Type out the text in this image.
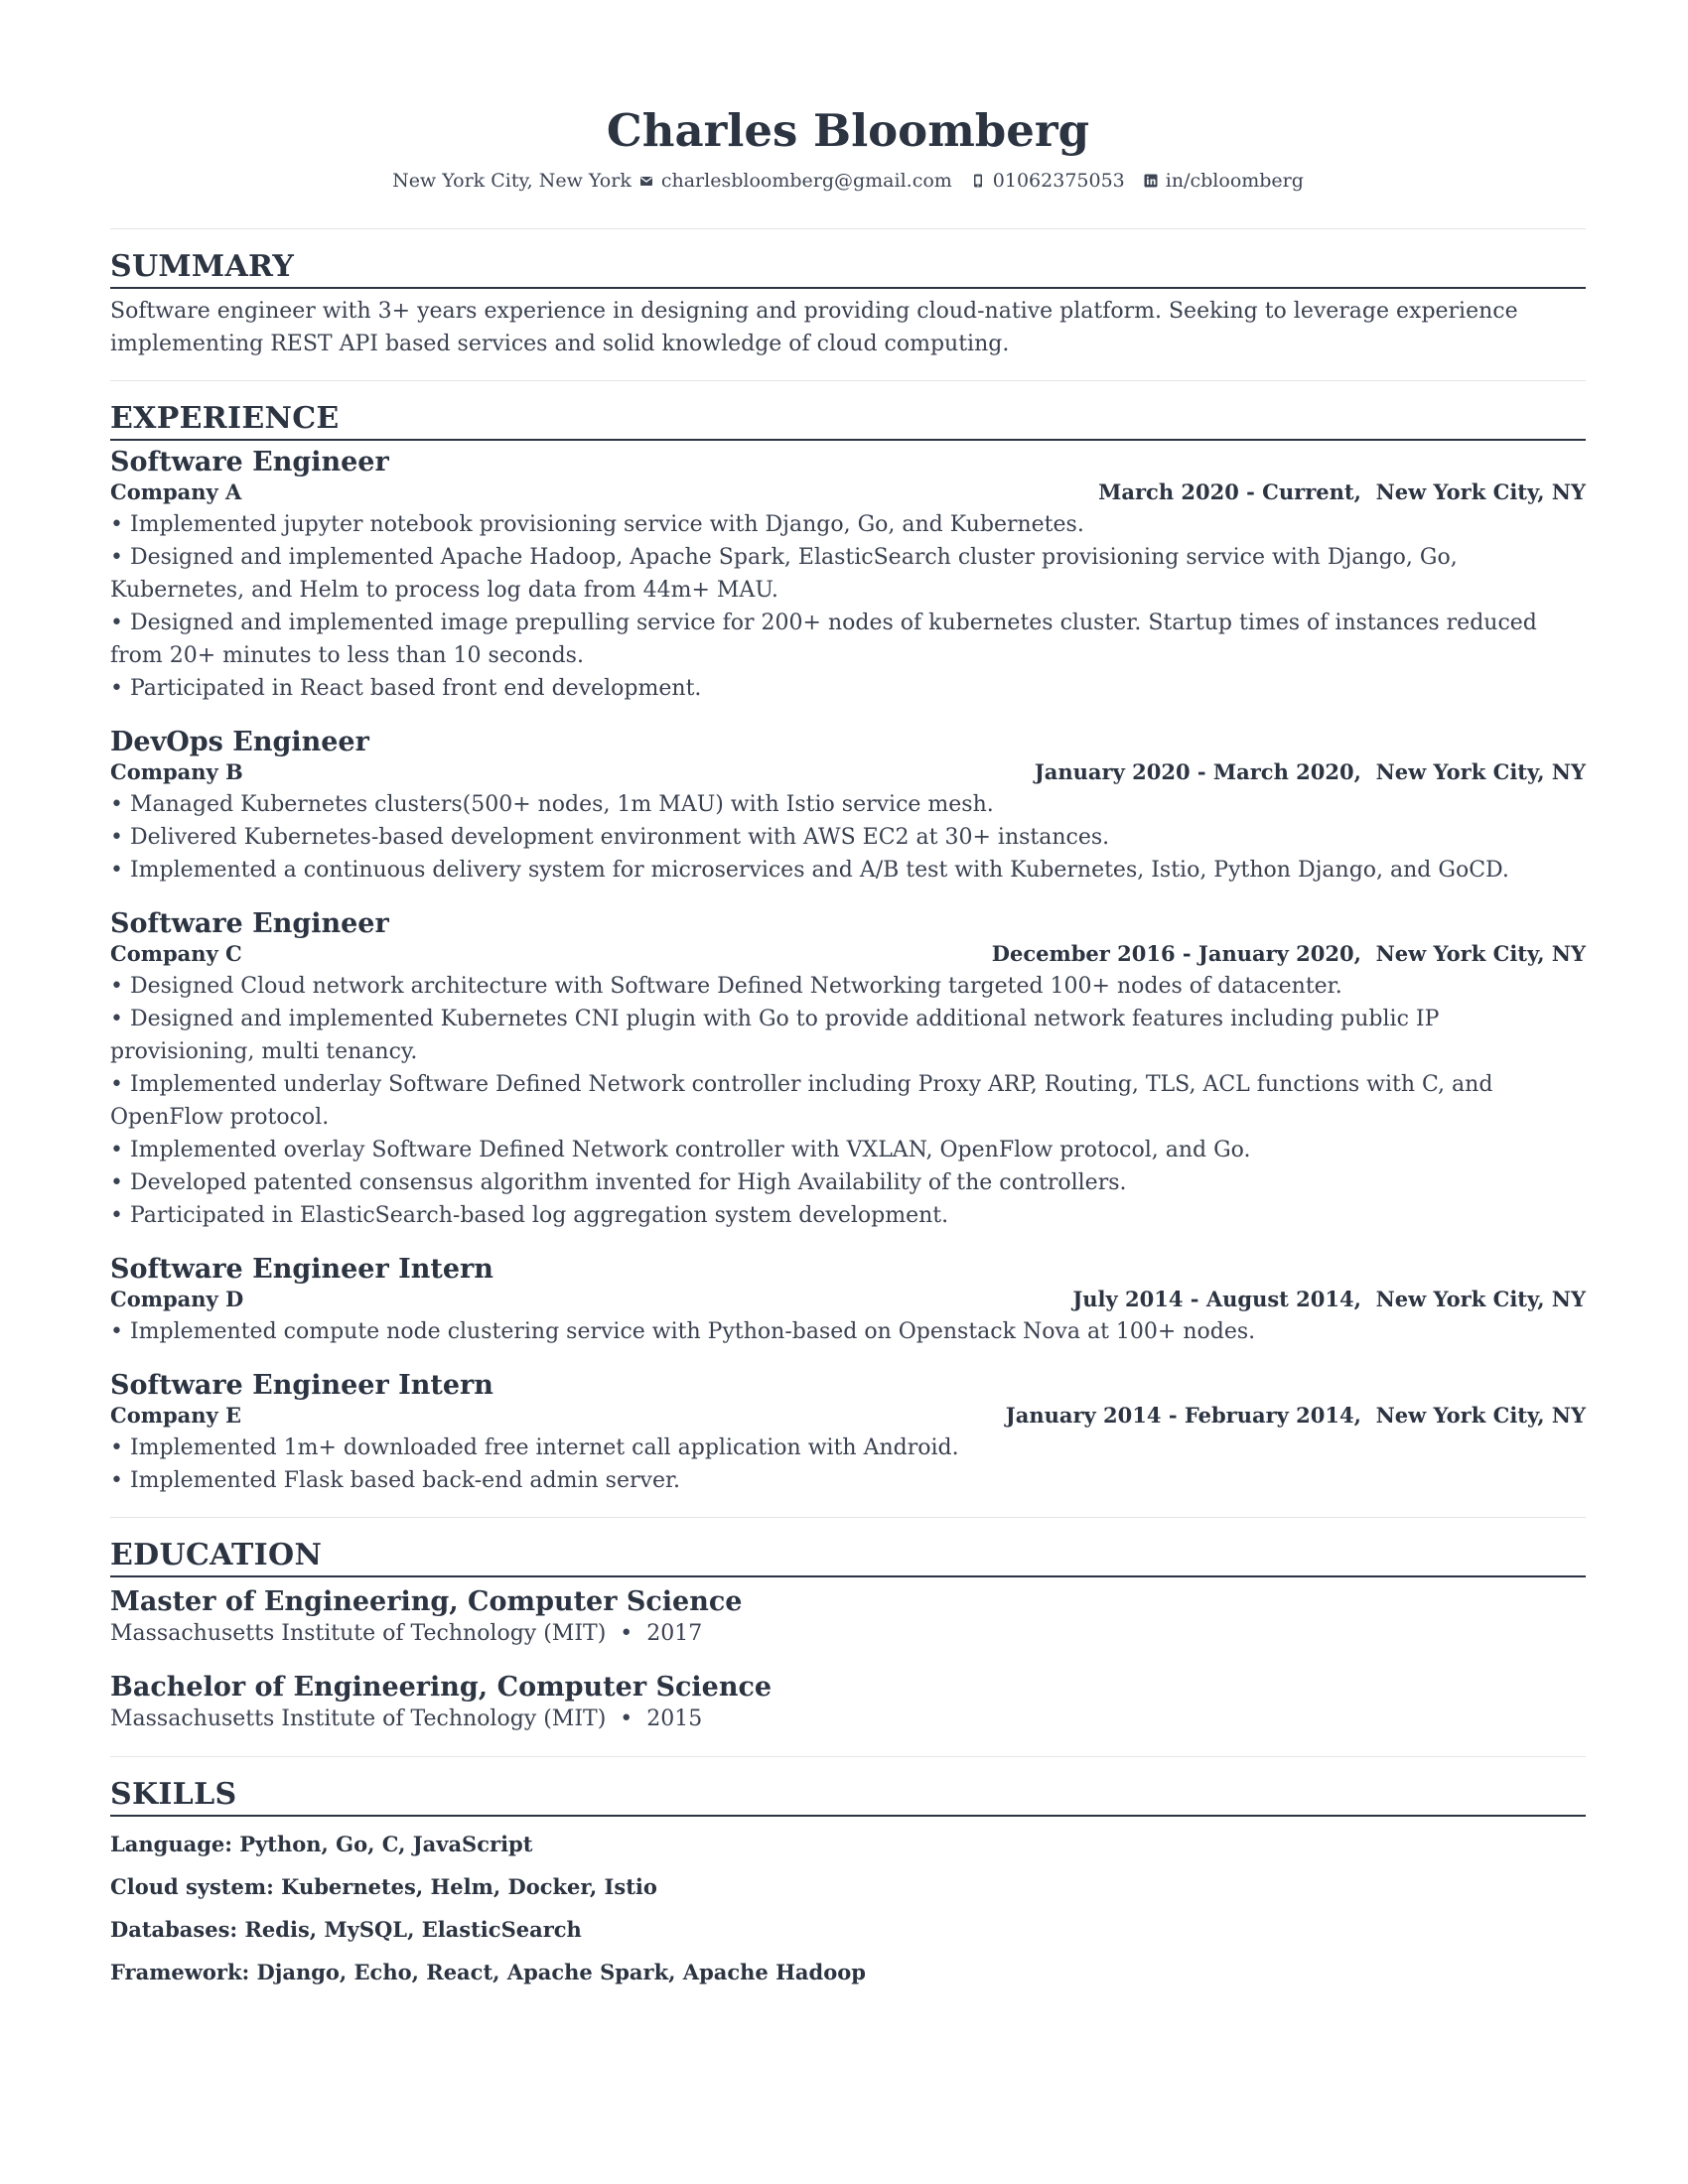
Charles Bloomberg
New York City, New York charlesbloomberg@gmail.com 01062375053 in/cbloomberg
SUMMARY

Software engineer with 3+ years experience in designing and providing cloud-native platform. Seeking to leverage experience implementing REST API based services and solid knowledge of cloud computing.

EXPERIENCE
Software Engineer
Company A	March 2020 - Current, New York City, NY
• Implemented jupyter notebook provisioning service with Django, Go, and Kubernetes.
• Designed and implemented Apache Hadoop, Apache Spark, ElasticSearch cluster provisioning service with Django, Go, Kubernetes, and Helm to process log data from 44m+ MAU.
• Designed and implemented image prepulling service for 200+ nodes of kubernetes cluster. Startup times of instances reduced from 20+ minutes to less than 10 seconds.
• Participated in React based front end development.
DevOps Engineer
Company B	January 2020 - March 2020, New York City, NY
• Managed Kubernetes clusters(500+ nodes, 1m MAU) with Istio service mesh.
• Delivered Kubernetes-based development environment with AWS EC2 at 30+ instances.
• Implemented a continuous delivery system for microservices and A/B test with Kubernetes, Istio, Python Django, and GoCD.
Software Engineer
Company C	December 2016 - January 2020, New York City, NY
• Designed Cloud network architecture with Software Defined Networking targeted 100+ nodes of datacenter.
• Designed and implemented Kubernetes CNI plugin with Go to provide additional network features including public IP provisioning, multi tenancy.
• Implemented underlay Software Defined Network controller including Proxy ARP, Routing, TLS, ACL functions with C, and OpenFlow protocol.
• Implemented overlay Software Defined Network controller with VXLAN, OpenFlow protocol, and Go.
• Developed patented consensus algorithm invented for High Availability of the controllers.
• Participated in ElasticSearch-based log aggregation system development.
Software Engineer Intern
Company D	July 2014 - August 2014, New York City, NY
• Implemented compute node clustering service with Python-based on Openstack Nova at 100+ nodes.
Software Engineer Intern
Company E	January 2014 - February 2014, New York City, NY
• Implemented 1m+ downloaded free internet call application with Android.
• Implemented Flask based back-end admin server.
EDUCATION
Master of Engineering, Computer Science
Massachusetts Institute of Technology (MIT)  •  2017
Bachelor of Engineering, Computer Science
Massachusetts Institute of Technology (MIT)  •  2015
SKILLS
Language: Python, Go, C, JavaScript
Cloud system: Kubernetes, Helm, Docker, Istio
Databases: Redis, MySQL, ElasticSearch
Framework: Django, Echo, React, Apache Spark, Apache Hadoop
